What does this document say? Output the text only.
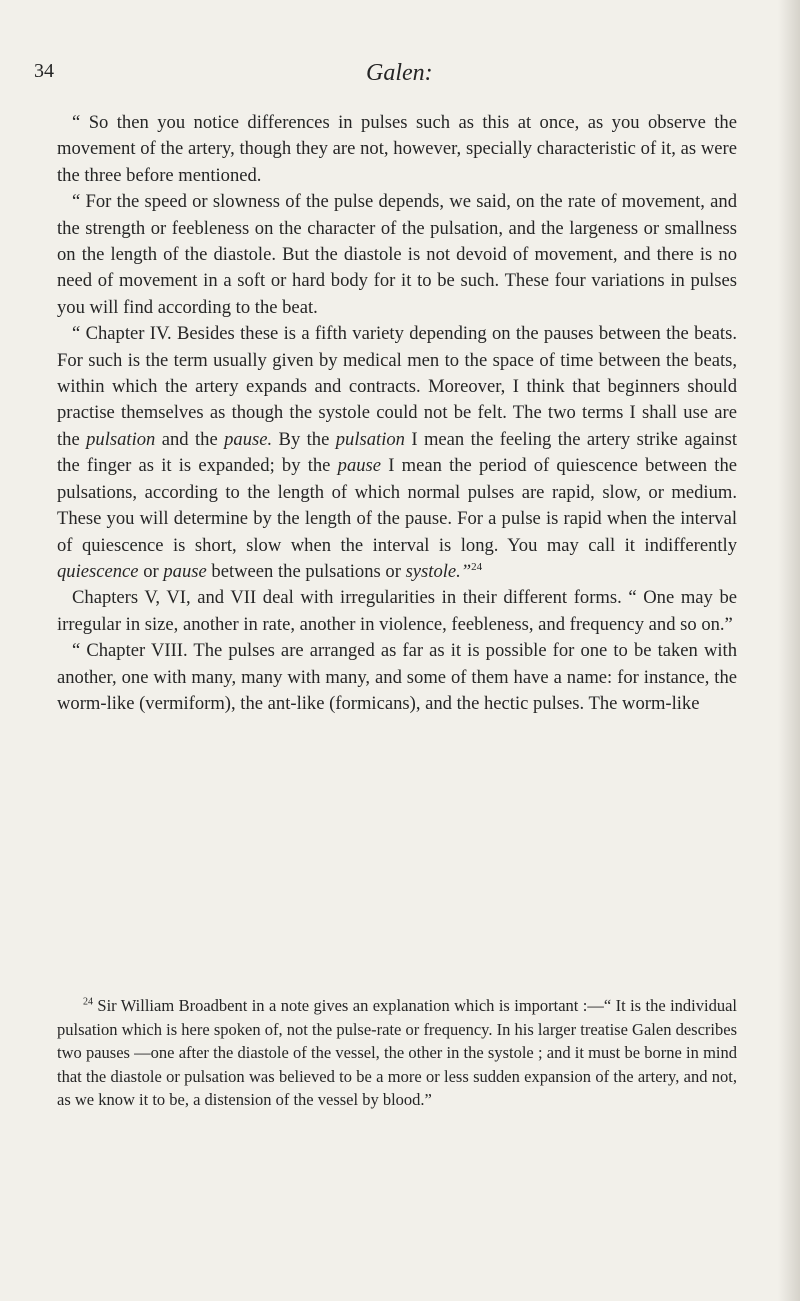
34	Galen:

“ So then you notice differences in pulses such as this at once, as you observe the movement of the artery, though they are not, however, specially characteristic of it, as were the three before mentioned.

“ For the speed or slowness of the pulse depends, we said, on the rate of movement, and the strength or feebleness on the character of the pulsation, and the largeness or smallness on the length of the diastole. But the diastole is not devoid of movement, and there is no need of movement in a soft or hard body for it to be such. These four variations in pulses you will find according to the beat.

“ Chapter IV. Besides these is a fifth variety depending on the pauses between the beats. For such is the term usually given by medical men to the space of time between the beats, within which the artery expands and contracts. Moreover, I think that beginners should practise themselves as though the systole could not be felt. The two terms I shall use are the pulsation and the pause. By the pulsation I mean the feeling the artery strike against the finger as it is expanded; by the pause I mean the period of quiescence between the pulsations, according to the length of which normal pulses are rapid, slow, or medium. These you will determine by the length of the pause. For a pulse is rapid when the interval of quiescence is short, slow when the interval is long. You may call it indifferently quiescence or pause between the pulsations or systole.”$^{24}$

Chapters V, VI, and VII deal with irregularities in their different forms. “ One may be irregular in size, another in rate, another in violence, feebleness, and frequency and so on.”

“ Chapter VIII. The pulses are arranged as far as it is possible for one to be taken with another, one with many, many with many, and some of them have a name: for instance, the worm-like (vermiform), the ant-like (formicans), and the hectic pulses. The worm-like

$^{24}$ Sir William Broadbent in a note gives an explanation which is important :—“ It is the individual pulsation which is here spoken of, not the pulse-rate or frequency. In his larger treatise Galen describes two pauses —one after the diastole of the vessel, the other in the systole ; and it must be borne in mind that the diastole or pulsation was believed to be a more or less sudden expansion of the artery, and not, as we know it to be, a distension of the vessel by blood.”
